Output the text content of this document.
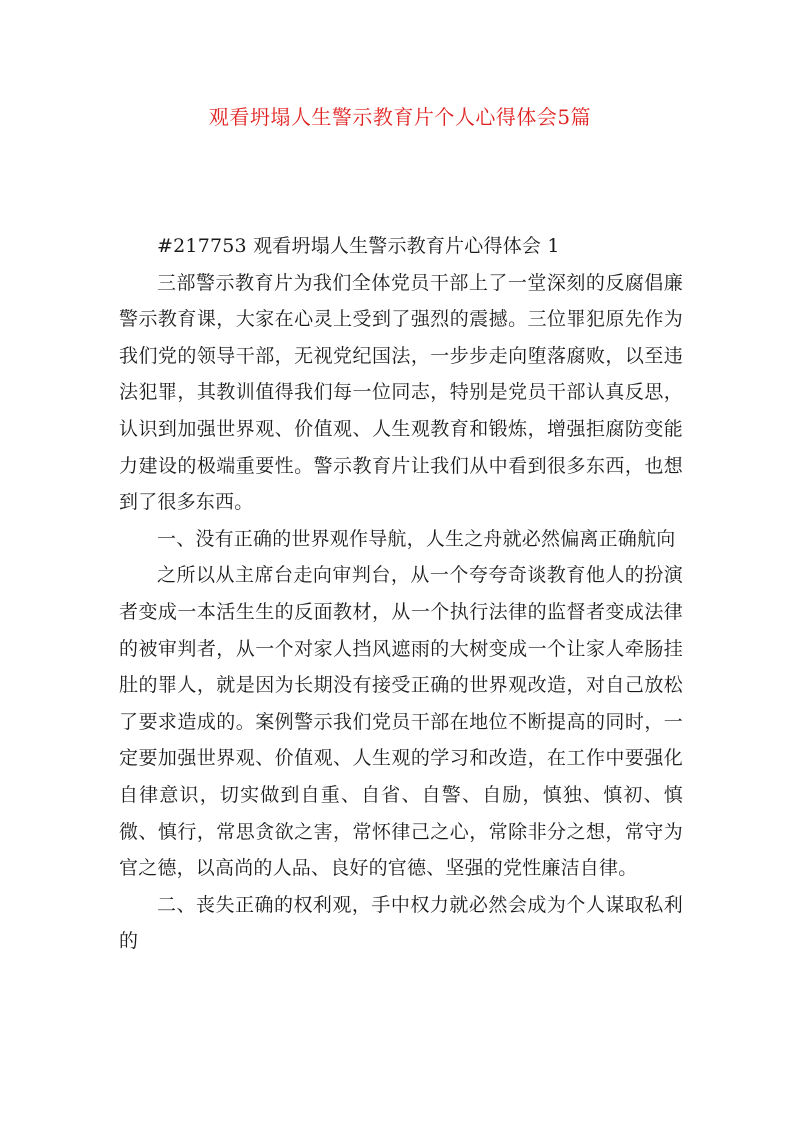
观看坍塌人生警示教育片个人心得体会5篇

#217753 观看坍塌人生警示教育片心得体会 1

三部警示教育片为我们全体党员干部上了一堂深刻的反腐倡廉警示教育课，大家在心灵上受到了强烈的震撼。三位罪犯原先作为我们党的领导干部，无视党纪国法，一步步走向堕落腐败，以至违法犯罪，其教训值得我们每一位同志，特别是党员干部认真反思，认识到加强世界观、价值观、人生观教育和锻炼，增强拒腐防变能力建设的极端重要性。警示教育片让我们从中看到很多东西，也想到了很多东西。

一、没有正确的世界观作导航，人生之舟就必然偏离正确航向

之所以从主席台走向审判台，从一个夸夸奇谈教育他人的扮演者变成一本活生生的反面教材，从一个执行法律的监督者变成法律的被审判者，从一个对家人挡风遮雨的大树变成一个让家人牵肠挂肚的罪人，就是因为长期没有接受正确的世界观改造，对自己放松了要求造成的。案例警示我们党员干部在地位不断提高的同时，一定要加强世界观、价值观、人生观的学习和改造，在工作中要强化自律意识，切实做到自重、自省、自警、自励，慎独、慎初、慎微、慎行，常思贪欲之害，常怀律己之心，常除非分之想，常守为官之德，以高尚的人品、良好的官德、坚强的党性廉洁自律。

二、丧失正确的权利观，手中权力就必然会成为个人谋取私利的
